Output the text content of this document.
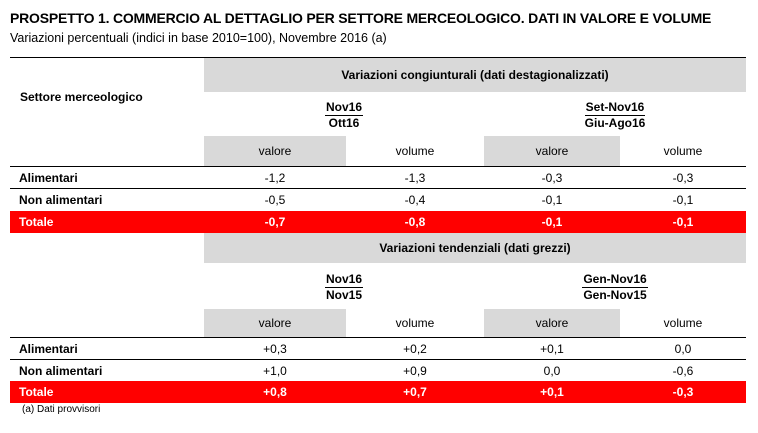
PROSPETTO 1. COMMERCIO AL DETTAGLIO PER SETTORE MERCEOLOGICO. DATI IN VALORE E VOLUME
Variazioni percentuali (indici in base 2010=100), Novembre 2016 (a)
Variazioni congiunturali (dati destagionalizzati)
Settore merceologico
Nov16
Ott16
Set-Nov16
Giu-Ago16
valore	volume	valore	volume
Alimentari	-1,2	-1,3	-0,3	-0,3
Non alimentari	-0,5	-0,4	-0,1	-0,1
Totale	-0,7	-0,8	-0,1	-0,1
Variazioni tendenziali (dati grezzi)
Nov16
Nov15
Gen-Nov16
Gen-Nov15
valore	volume	valore	volume
Alimentari	+0,3	+0,2	+0,1	0,0
Non alimentari	+1,0	+0,9	0,0	-0,6
Totale	+0,8	+0,7	+0,1	-0,3
(a) Dati provvisori
